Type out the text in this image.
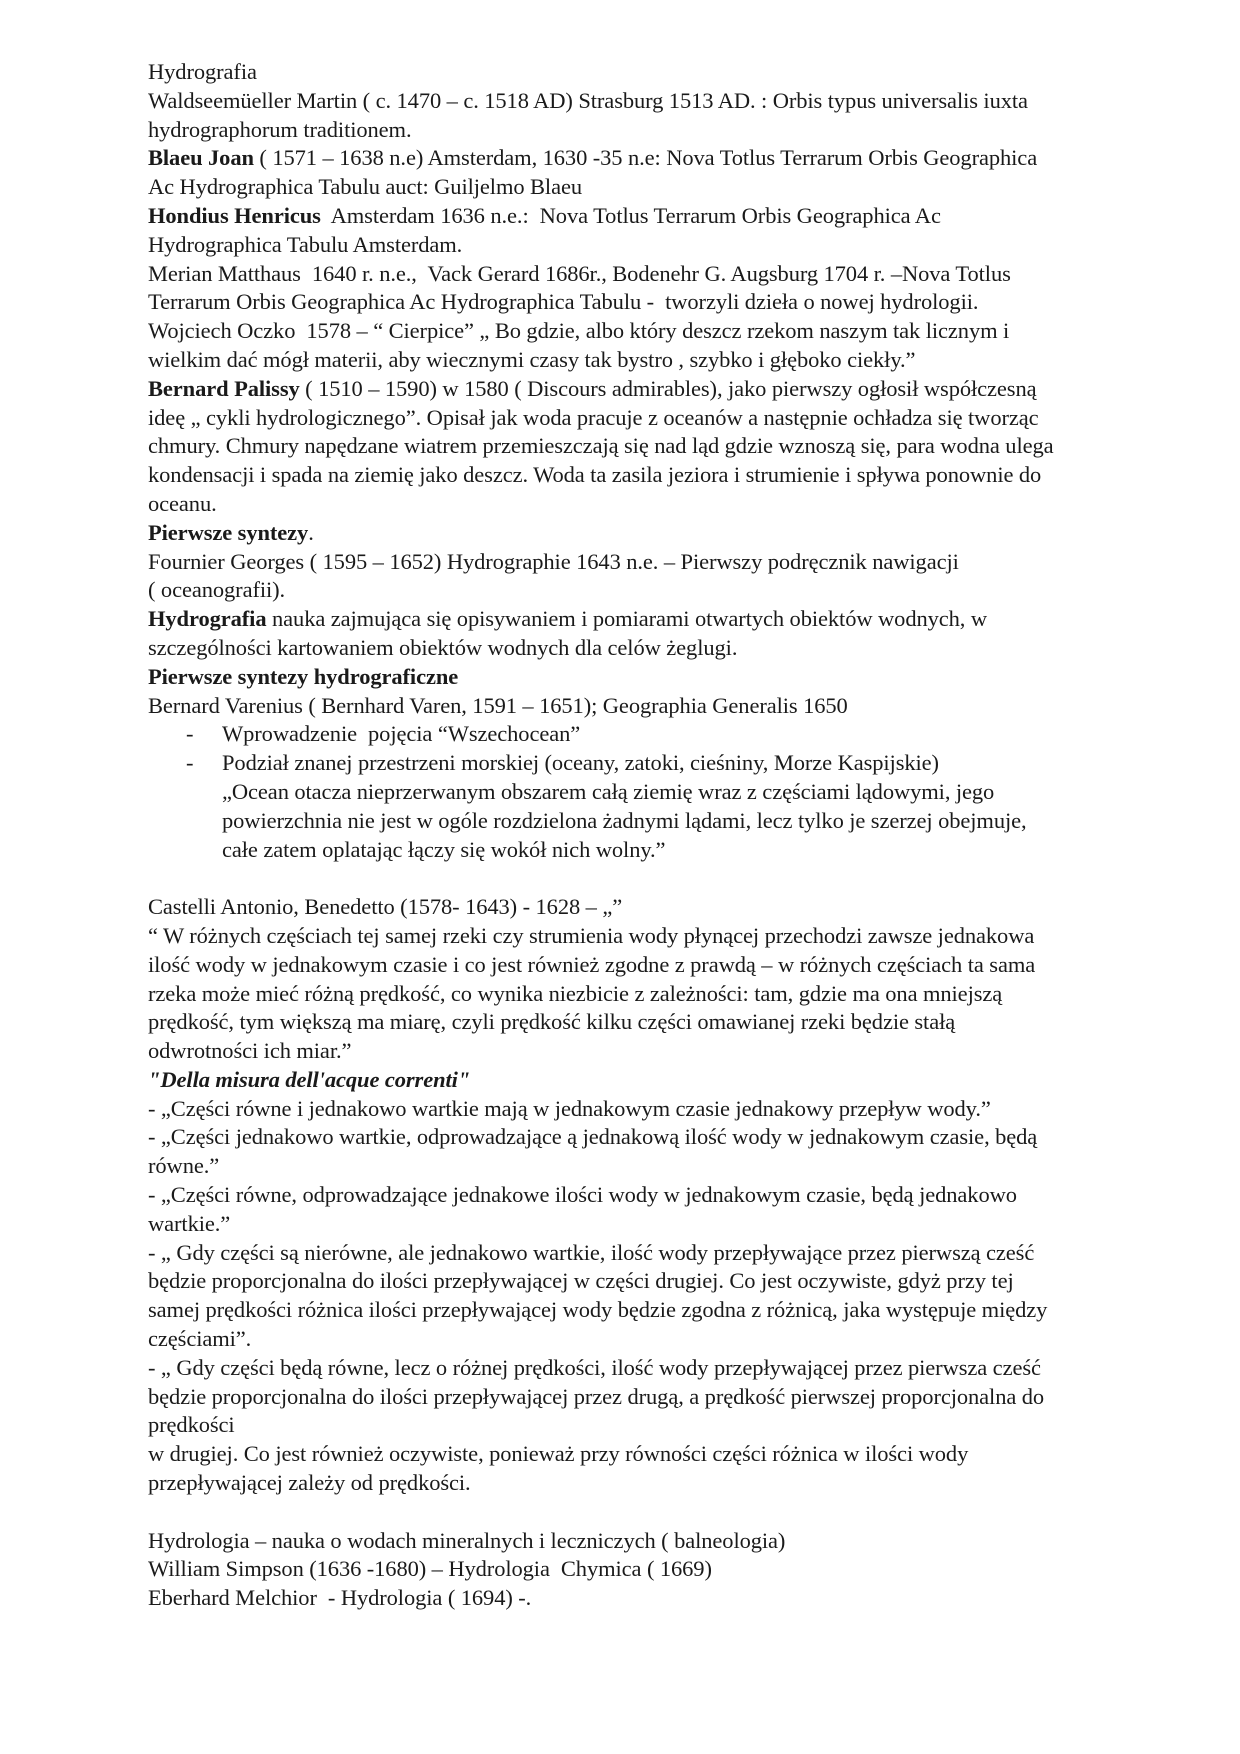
Hydrografia
Waldseemüeller Martin ( c. 1470 – c. 1518 AD) Strasburg 1513 AD. : Orbis typus universalis iuxta
hydrographorum traditionem.
Blaeu Joan ( 1571 – 1638 n.e) Amsterdam, 1630 -35 n.e: Nova Totlus Terrarum Orbis Geographica
Ac Hydrographica Tabulu auct: Guiljelmo Blaeu
Hondius Henricus  Amsterdam 1636 n.e.:  Nova Totlus Terrarum Orbis Geographica Ac
Hydrographica Tabulu Amsterdam.
Merian Matthaus  1640 r. n.e.,  Vack Gerard 1686r., Bodenehr G. Augsburg 1704 r. –Nova Totlus
Terrarum Orbis Geographica Ac Hydrographica Tabulu -  tworzyli dzieła o nowej hydrologii.
Wojciech Oczko  1578 – “ Cierpice” „ Bo gdzie, albo który deszcz rzekom naszym tak licznym i
wielkim dać mógł materii, aby wiecznymi czasy tak bystro , szybko i głęboko ciekły.”
Bernard Palissy ( 1510 – 1590) w 1580 ( Discours admirables), jako pierwszy ogłosił współczesną
ideę „ cykli hydrologicznego”. Opisał jak woda pracuje z oceanów a następnie ochładza się tworząc
chmury. Chmury napędzane wiatrem przemieszczają się nad ląd gdzie wznoszą się, para wodna ulega
kondensacji i spada na ziemię jako deszcz. Woda ta zasila jeziora i strumienie i spływa ponownie do
oceanu.
Pierwsze syntezy.
Fournier Georges ( 1595 – 1652) Hydrographie 1643 n.e. – Pierwszy podręcznik nawigacji
( oceanografii).
Hydrografia nauka zajmująca się opisywaniem i pomiarami otwartych obiektów wodnych, w
szczególności kartowaniem obiektów wodnych dla celów żeglugi.
Pierwsze syntezy hydrograficzne
Bernard Varenius ( Bernhard Varen, 1591 – 1651); Geographia Generalis 1650
-	Wprowadzenie  pojęcia “Wszechocean”
-	Podział znanej przestrzeni morskiej (oceany, zatoki, cieśniny, Morze Kaspijskie)
„Ocean otacza nieprzerwanym obszarem całą ziemię wraz z częściami lądowymi, jego
powierzchnia nie jest w ogóle rozdzielona żadnymi lądami, lecz tylko je szerzej obejmuje,
całe zatem oplatając łączy się wokół nich wolny.”
Castelli Antonio, Benedetto (1578- 1643) - 1628 – „”
“ W różnych częściach tej samej rzeki czy strumienia wody płynącej przechodzi zawsze jednakowa
ilość wody w jednakowym czasie i co jest również zgodne z prawdą – w różnych częściach ta sama
rzeka może mieć różną prędkość, co wynika niezbicie z zależności: tam, gdzie ma ona mniejszą
prędkość, tym większą ma miarę, czyli prędkość kilku części omawianej rzeki będzie stałą
odwrotności ich miar.”
"Della misura dell'acque correnti"
- „Części równe i jednakowo wartkie mają w jednakowym czasie jednakowy przepływ wody.”
- „Części jednakowo wartkie, odprowadzające ą jednakową ilość wody w jednakowym czasie, będą
równe.”
- „Części równe, odprowadzające jednakowe ilości wody w jednakowym czasie, będą jednakowo
wartkie.”
- „ Gdy części są nierówne, ale jednakowo wartkie, ilość wody przepływające przez pierwszą cześć
będzie proporcjonalna do ilości przepływającej w części drugiej. Co jest oczywiste, gdyż przy tej
samej prędkości różnica ilości przepływającej wody będzie zgodna z różnicą, jaka występuje między
częściami”.
- „ Gdy części będą równe, lecz o różnej prędkości, ilość wody przepływającej przez pierwsza cześć
będzie proporcjonalna do ilości przepływającej przez drugą, a prędkość pierwszej proporcjonalna do
prędkości
w drugiej. Co jest również oczywiste, ponieważ przy równości części różnica w ilości wody
przepływającej zależy od prędkości.
Hydrologia – nauka o wodach mineralnych i leczniczych ( balneologia)
William Simpson (1636 -1680) – Hydrologia  Chymica ( 1669)
Eberhard Melchior  - Hydrologia ( 1694) -.
